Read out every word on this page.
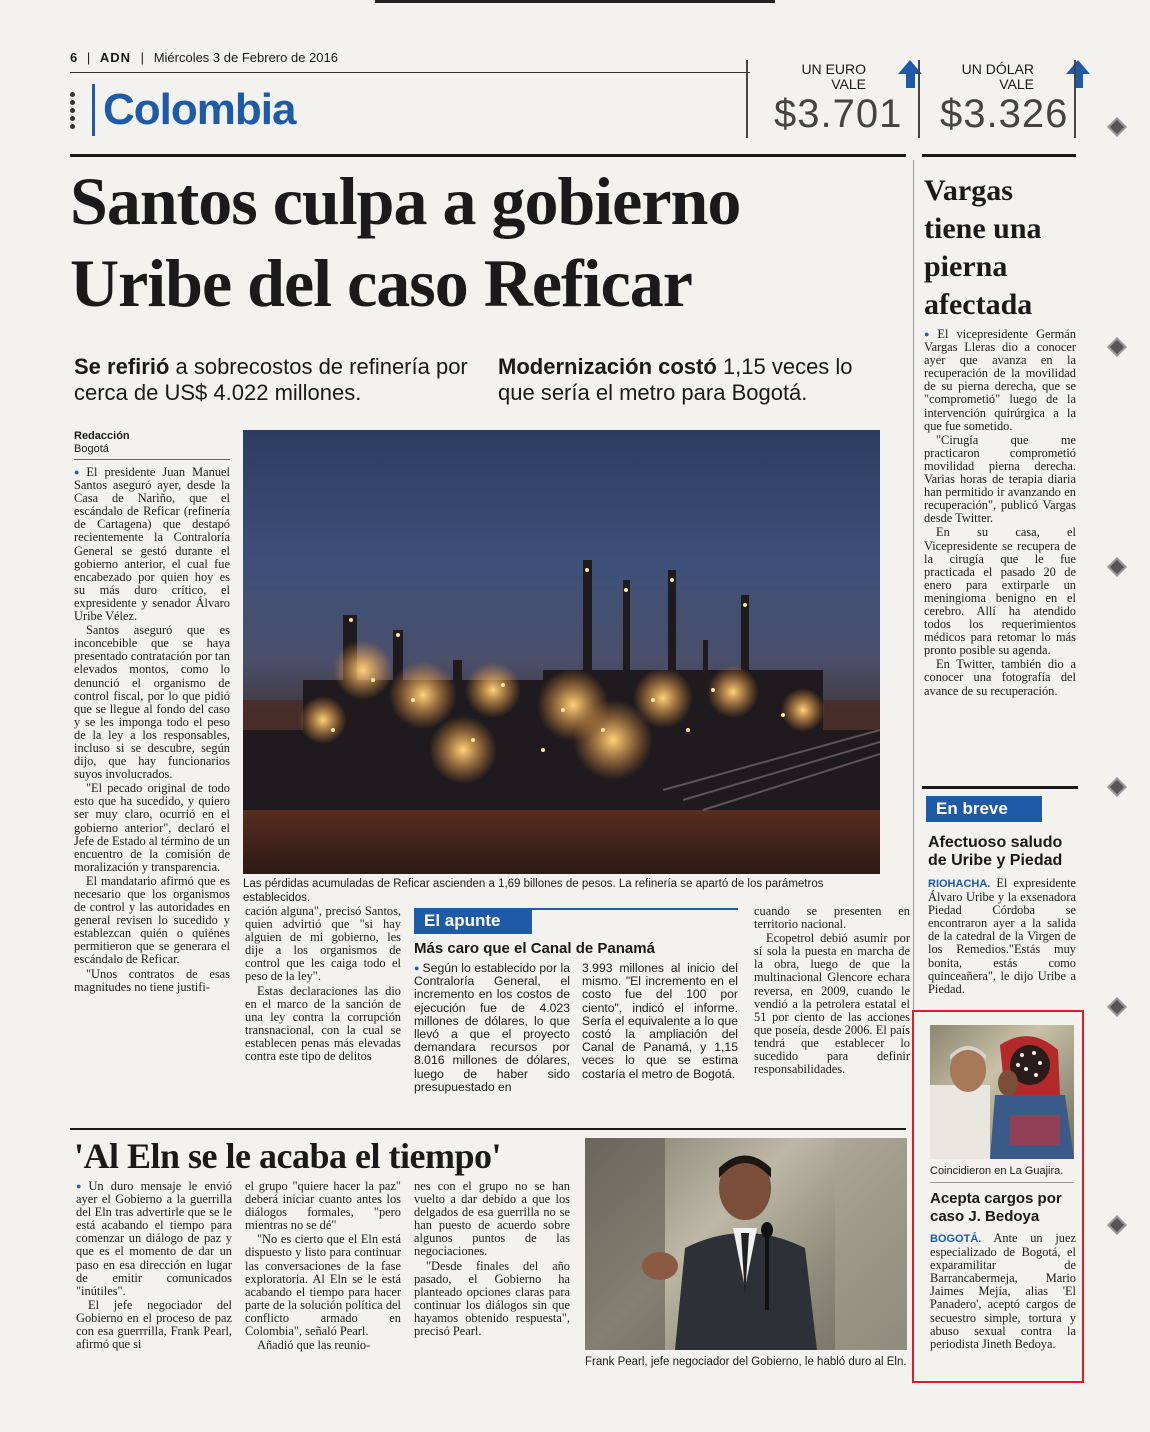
6 | ADN | Miércoles 3 de Febrero de 2016
Colombia
UN EURO
VALE
$3.701
UN DÓLAR
VALE
$3.326
Santos culpa a gobierno
Uribe del caso Reficar
Se refirió a sobrecostos de refinería por cerca de US$ 4.022 millones.
Modernización costó 1,15 veces lo que sería el metro para Bogotá.
Redacción
Bogotá

● El presidente Juan Manuel Santos aseguró ayer, desde la Casa de Nariño, que el escándalo de Reficar (refinería de Cartagena) que destapó recientemente la Contraloría General se gestó durante el gobierno anterior, el cual fue encabezado por quien hoy es su más duro crítico, el expresidente y senador Álvaro Uribe Vélez.

Santos aseguró que es inconcebible que se haya presentado contratación por tan elevados montos, como lo denunció el organismo de control fiscal, por lo que pidió que se llegue al fondo del caso y se les imponga todo el peso de la ley a los responsables, incluso si se descubre, según dijo, que hay funcionarios suyos involucrados.

"El pecado original de todo esto que ha sucedido, y quiero ser muy claro, ocurrió en el gobierno anterior", declaró el Jefe de Estado al término de un encuentro de la comisión de moralización y transparencia.

El mandatario afirmó que es necesario que los organismos de control y las autoridades en general revisen lo sucedido y establezcan quién o quiénes permitieron que se generara el escándalo de Reficar.

"Unos contratos de esas magnitudes no tiene justifi-

Las pérdidas acumuladas de Reficar ascienden a 1,69 billones de pesos. La refinería se apartó de los parámetros establecidos.

cación alguna", precisó Santos, quien advirtió que "si hay alguien de mi gobierno, les dije a los organismos de control que les caiga todo el peso de la ley".

Estas declaraciones las dio en el marco de la sanción de una ley contra la corrupción transnacional, con la cual se establecen penas más elevadas contra este tipo de delitos

El apunte
Más caro que el Canal de Panamá
● Según lo establecido por la Contraloría General, el incremento en los costos de ejecución fue de 4.023 millones de dólares, lo que llevó a que el proyecto demandara recursos por 8.016 millones de dólares, luego de haber sido presupuestado en
3.993 millones al inicio del mismo. "El incremento en el costo fue del 100 por ciento", indicó el informe. Sería el equivalente a lo que costó la ampliación del Canal de Panamá, y 1,15 veces lo que se estima costaría el metro de Bogotá.

cuando se presenten en territorio nacional.

Ecopetrol debió asumir por sí sola la puesta en marcha de la obra, luego de que la multinacional Glencore echara reversa, en 2009, cuando le vendió a la petrolera estatal el 51 por ciento de las acciones que poseía, desde 2006. El país tendrá que establecer lo sucedido para definir responsabilidades.

'Al Eln se le acaba el tiempo'

● Un duro mensaje le envió ayer el Gobierno a la guerrilla del Eln tras advertirle que se le está acabando el tiempo para comenzar un diálogo de paz y que es el momento de dar un paso en esa dirección en lugar de emitir comunicados "inútiles".

El jefe negociador del Gobierno en el proceso de paz con esa guerrrilla, Frank Pearl, afirmó que si

el grupo "quiere hacer la paz" deberá iniciar cuanto antes los diálogos formales, "pero mientras no se dé"

"No es cierto que el Eln está dispuesto y listo para continuar las conversaciones de la fase exploratoria. Al Eln se le está acabando el tiempo para hacer parte de la solución política del conflicto armado en Colombia", señaló Pearl.

Añadió que las reunio-

nes con el grupo no se han vuelto a dar debido a que los delgados de esa guerrilla no se han puesto de acuerdo sobre algunos puntos de las negociaciones.

"Desde finales del año pasado, el Gobierno ha planteado opciones claras para continuar los diálogos sin que hayamos obtenido respuesta", precisó Pearl.

Frank Pearl, jefe negociador del Gobierno, le habló duro al Eln.
Vargas tiene una pierna afectada

● El vicepresidente Germán Vargas Lleras dio a conocer ayer que avanza en la recuperación de la movilidad de su pierna derecha, que se "comprometió" luego de la intervención quirúrgica a la que fue sometido.

"Cirugía que me practicaron comprometió movilidad pierna derecha. Varias horas de terapia diaria han permitido ir avanzando en recuperación", publicó Vargas desde Twitter.

En su casa, el Vicepresidente se recupera de la cirugía que le fue practicada el pasado 20 de enero para extirparle un meningioma benigno en el cerebro. Allí ha atendido todos los requerimientos médicos para retomar lo más pronto posible su agenda.

En Twitter, también dio a conocer una fotografía del avance de su recuperación.

En breve
Afectuoso saludo de Uribe y Piedad
RIOHACHA. El expresidente Álvaro Uribe y la exsenadora Piedad Córdoba se encontraron ayer a la salida de la catedral de la Virgen de los Remedios."Estás muy bonita, estás como quinceañera", le dijo Uribe a Piedad.
Coincidieron en La Guajira.
Acepta cargos por caso J. Bedoya
BOGOTÁ. Ante un juez especializado de Bogotá, el exparamilitar de Barrancabermeja, Mario Jaimes Mejía, alias 'El Panadero', aceptó cargos de secuestro simple, tortura y abuso sexual contra la periodista Jineth Bedoya.
